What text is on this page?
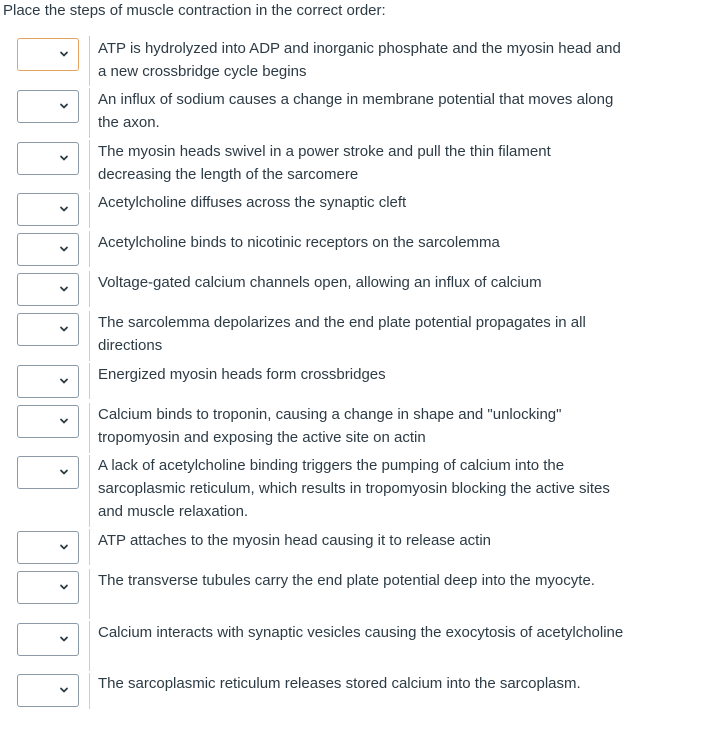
Place the steps of muscle contraction in the correct order:
ATP is hydrolyzed into ADP and inorganic phosphate and the myosin head and a new crossbridge cycle begins
An influx of sodium causes a change in membrane potential that moves along the axon.
The myosin heads swivel in a power stroke and pull the thin filament decreasing the length of the sarcomere
Acetylcholine diffuses across the synaptic cleft
Acetylcholine binds to nicotinic receptors on the sarcolemma
Voltage-gated calcium channels open, allowing an influx of calcium
The sarcolemma depolarizes and the end plate potential propagates in all directions
Energized myosin heads form crossbridges
Calcium binds to troponin, causing a change in shape and "unlocking" tropomyosin and exposing the active site on actin
A lack of acetylcholine binding triggers the pumping of calcium into the sarcoplasmic reticulum, which results in tropomyosin blocking the active sites and muscle relaxation.
ATP attaches to the myosin head causing it to release actin
The transverse tubules carry the end plate potential deep into the myocyte.
Calcium interacts with synaptic vesicles causing the exocytosis of acetylcholine
The sarcoplasmic reticulum releases stored calcium into the sarcoplasm.
